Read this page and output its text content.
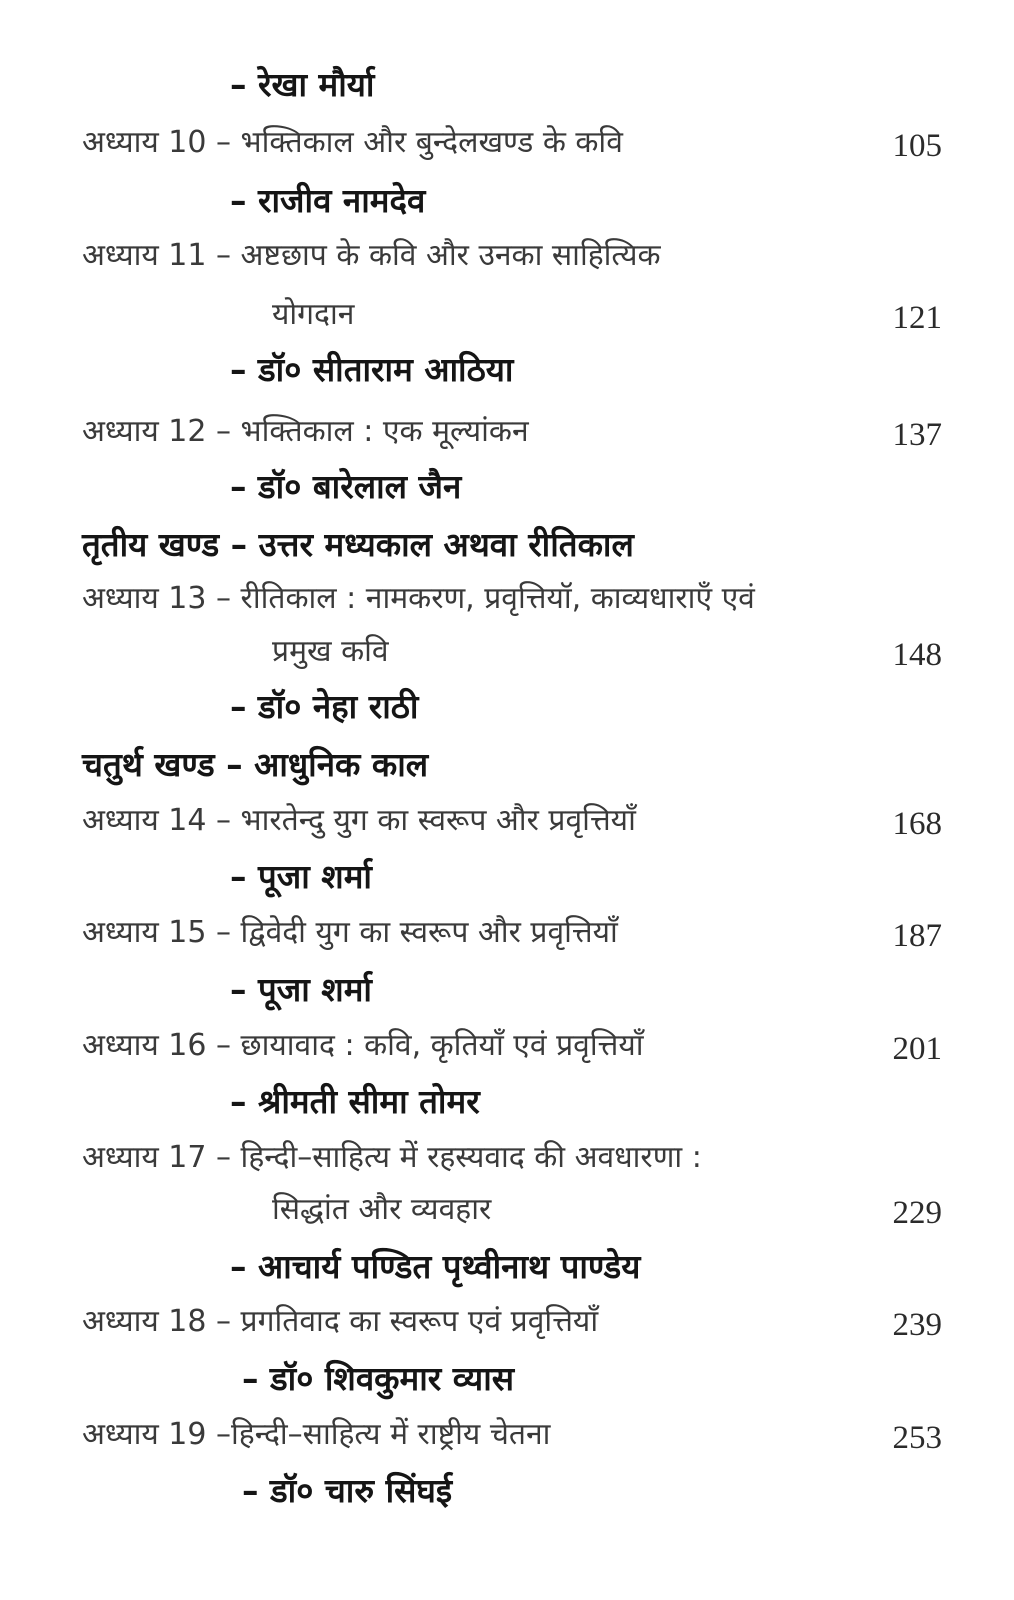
– रेखा मौर्या
अध्याय 10 – भक्तिकाल और बुन्देलखण्ड के कवि	105
– राजीव नामदेव
अध्याय 11 – अष्टछाप के कवि और उनका साहित्यिक
योगदान	121
– डॉ० सीताराम आठिया
अध्याय 12 – भक्तिकाल : एक मूल्यांकन	137
– डॉ० बारेलाल जैन
तृतीय खण्ड – उत्तर मध्यकाल अथवा रीतिकाल
अध्याय 13 – रीतिकाल : नामकरण, प्रवृत्तियॉ, काव्यधाराएँ एवं
प्रमुख कवि	148
– डॉ० नेहा राठी
चतुर्थ खण्ड – आधुनिक काल
अध्याय 14 – भारतेन्दु युग का स्वरूप और प्रवृत्तियाँ	168
– पूजा शर्मा
अध्याय 15 – द्विवेदी युग का स्वरूप और प्रवृत्तियाँ	187
– पूजा शर्मा
अध्याय 16 – छायावाद : कवि, कृतियाँ एवं प्रवृत्तियाँ	201
– श्रीमती सीमा तोमर
अध्याय 17 – हिन्दी–साहित्य में रहस्यवाद की अवधारणा :
सिद्धांत और व्यवहार	229
– आचार्य पण्डित पृथ्वीनाथ पाण्डेय
अध्याय 18 – प्रगतिवाद का स्वरूप एवं प्रवृत्तियाँ	239
– डॉ० शिवकुमार व्यास
अध्याय 19 –हिन्दी–साहित्य में राष्ट्रीय चेतना	253
– डॉ० चारु सिंघई
